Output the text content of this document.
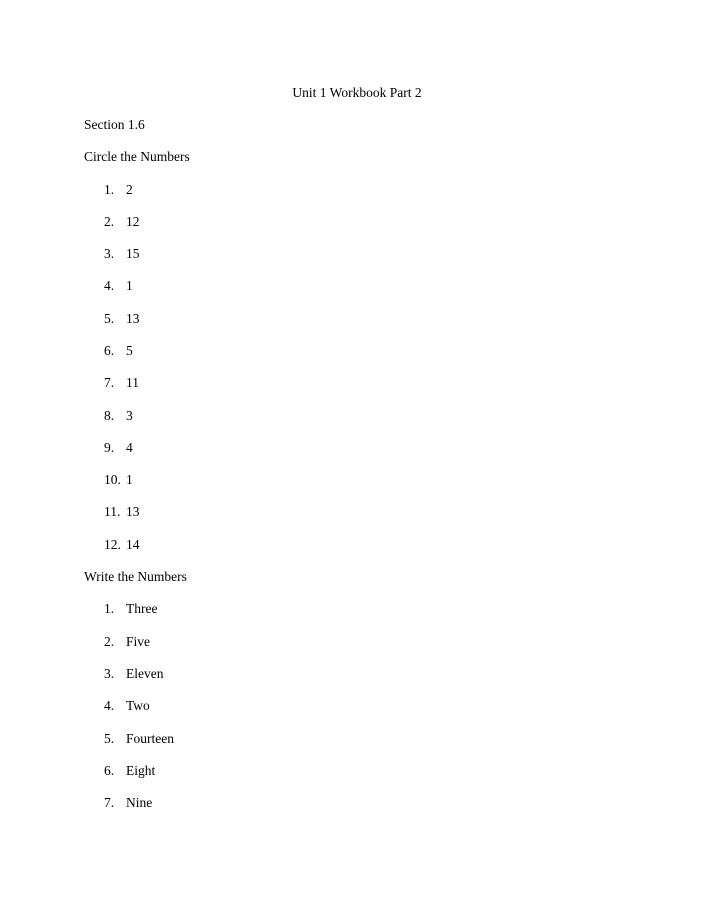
Unit 1 Workbook Part 2
Section 1.6
Circle the Numbers
1. 2
2. 12
3. 15
4. 1
5. 13
6. 5
7. 11
8. 3
9. 4
10. 1
11. 13
12. 14
Write the Numbers
1. Three
2. Five
3. Eleven
4. Two
5. Fourteen
6. Eight
7. Nine
